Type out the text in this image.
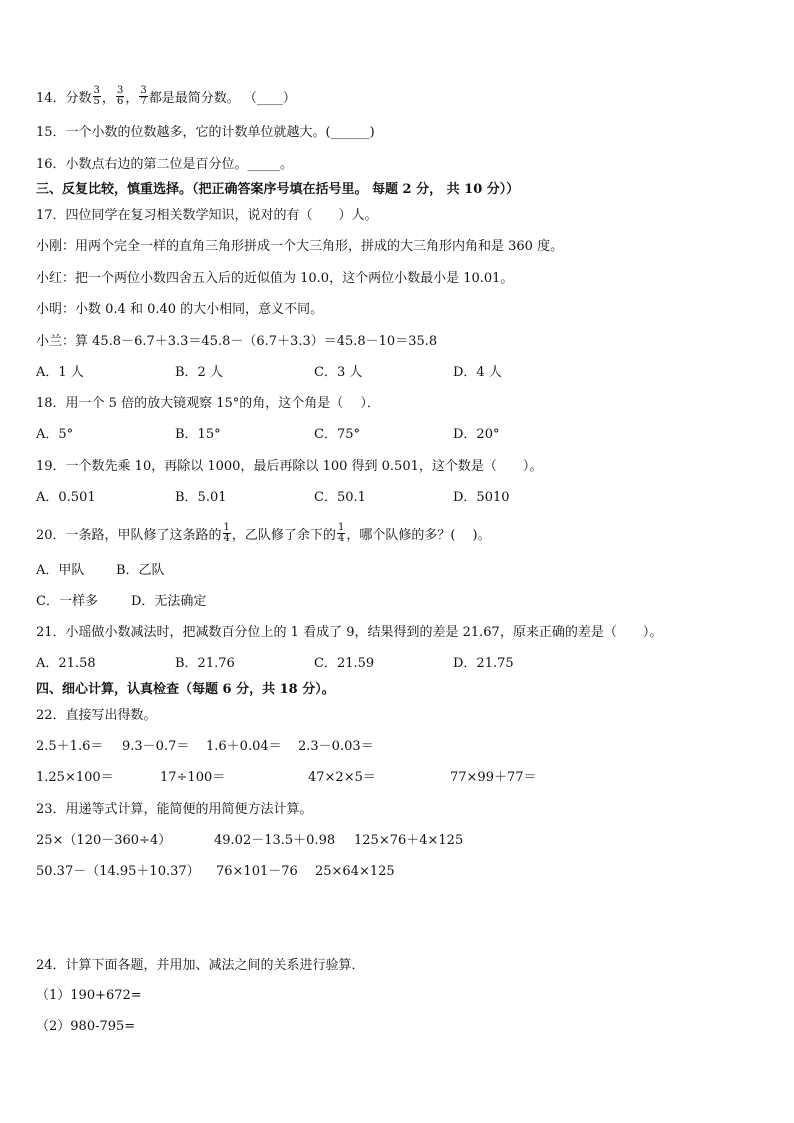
14．分数 $\frac{3}{5}$ ， $\frac{3}{6}$ ， $\frac{3}{7}$ 都是最简分数。 （____）
15．一个小数的位数越多，它的计数单位就越大。(______)
16．小数点右边的第二位是百分位。_____。
三、反复比较，慎重选择。（把正确答案序号填在括号里。 每题 2 分， 共 10 分））
17．四位同学在复习相关数学知识，说对的有（　　）人。
小刚：用两个完全一样的直角三角形拼成一个大三角形，拼成的大三角形内角和是 360 度。
小红：把一个两位小数四舍五入后的近似值为 10.0，这个两位小数最小是 10.01。
小明：小数 0.4 和 0.40 的大小相同，意义不同。
小兰：算 45.8－6.7＋3.3＝45.8－（6.7＋3.3）＝45.8－10＝35.8
A．1 人	B．2 人	C．3 人	D．4 人
18．用一个 5 倍的放大镜观察 15°的角，这个角是（　 ）．
A．5°	B．15°	C．75°	D．20°
19．一个数先乘 10，再除以 1000，最后再除以 100 得到 0.501，这个数是（　　）。
A．0.501	B．5.01	C．50.1	D．5010
20．一条路，甲队修了这条路的 $\frac{1}{4}$ ，乙队修了余下的 $\frac{1}{4}$ ，哪个队修的多？(　 )。
A．甲队 B．乙队
C．一样多	D．无法确定
21．小瑶做小数减法时，把减数百分位上的 1 看成了 9，结果得到的差是 21.67，原来正确的差是（　　）。
A．21.58	B．21.76	C．21.59	D．21.75
四、细心计算，认真检查（每题 6 分，共 18 分）。
22．直接写出得数。
2.5＋1.6＝ 9.3－0.7＝ 1.6＋0.04＝ 2.3－0.03＝
1.25×100＝	17÷100＝	47×2×5＝	77×99＋77＝
23．用递等式计算，能简便的用简便方法计算。
25×（120－360÷4）	49.02－13.5＋0.98 125×76＋4×125
50.37－（14.95＋10.37） 76×101－76 25×64×125
24．计算下面各题，并用加、减法之间的关系进行验算．
（1）190+672=
（2）980-795=
